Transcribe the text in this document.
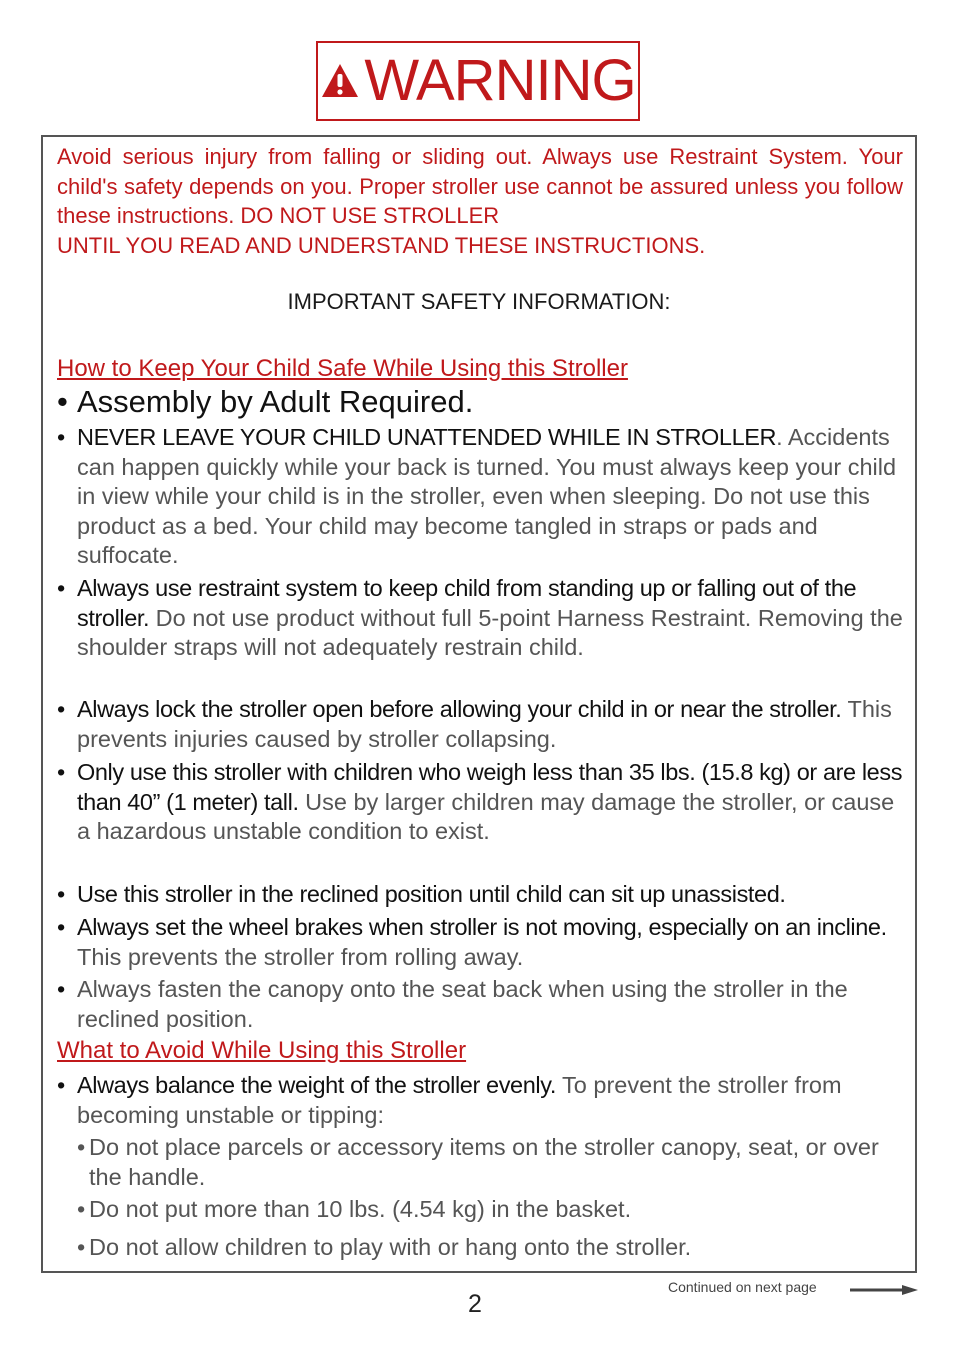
WARNING
Avoid serious injury from falling or sliding out. Always use Restraint System. Your child's safety depends on you. Proper stroller use cannot be assured unless you follow these instructions. DO NOT USE STROLLER
UNTIL YOU READ AND UNDERSTAND THESE INSTRUCTIONS.
IMPORTANT SAFETY INFORMATION:
How to Keep Your Child Safe While Using this Stroller
• Assembly by Adult Required.
• NEVER LEAVE YOUR CHILD UNATTENDED WHILE IN STROLLER. Accidents can happen quickly while your back is turned. You must always keep your child in view while your child is in the stroller, even when sleeping. Do not use this product as a bed. Your child may become tangled in straps or pads and suffocate.
• Always use restraint system to keep child from standing up or falling out of the stroller. Do not use product without full 5-point Harness Restraint. Removing the shoulder straps will not adequately restrain child.
• Always lock the stroller open before allowing your child in or near the stroller. This prevents injuries caused by stroller collapsing.
• Only use this stroller with children who weigh less than 35 lbs. (15.8 kg) or are less than 40” (1 meter) tall. Use by larger children may damage the stroller, or cause a hazardous unstable condition to exist.
• Use this stroller in the reclined position until child can sit up unassisted.
• Always set the wheel brakes when stroller is not moving, especially on an incline. This prevents the stroller from rolling away.
• Always fasten the canopy onto the seat back when using the stroller in the reclined position.
What to Avoid While Using this Stroller
• Always balance the weight of the stroller evenly. To prevent the stroller from becoming unstable or tipping:
• Do not place parcels or accessory items on the stroller canopy, seat, or over the handle.
• Do not put more than 10 lbs. (4.54 kg) in the basket.
• Do not allow children to play with or hang onto the stroller.
Continued on next page
2
